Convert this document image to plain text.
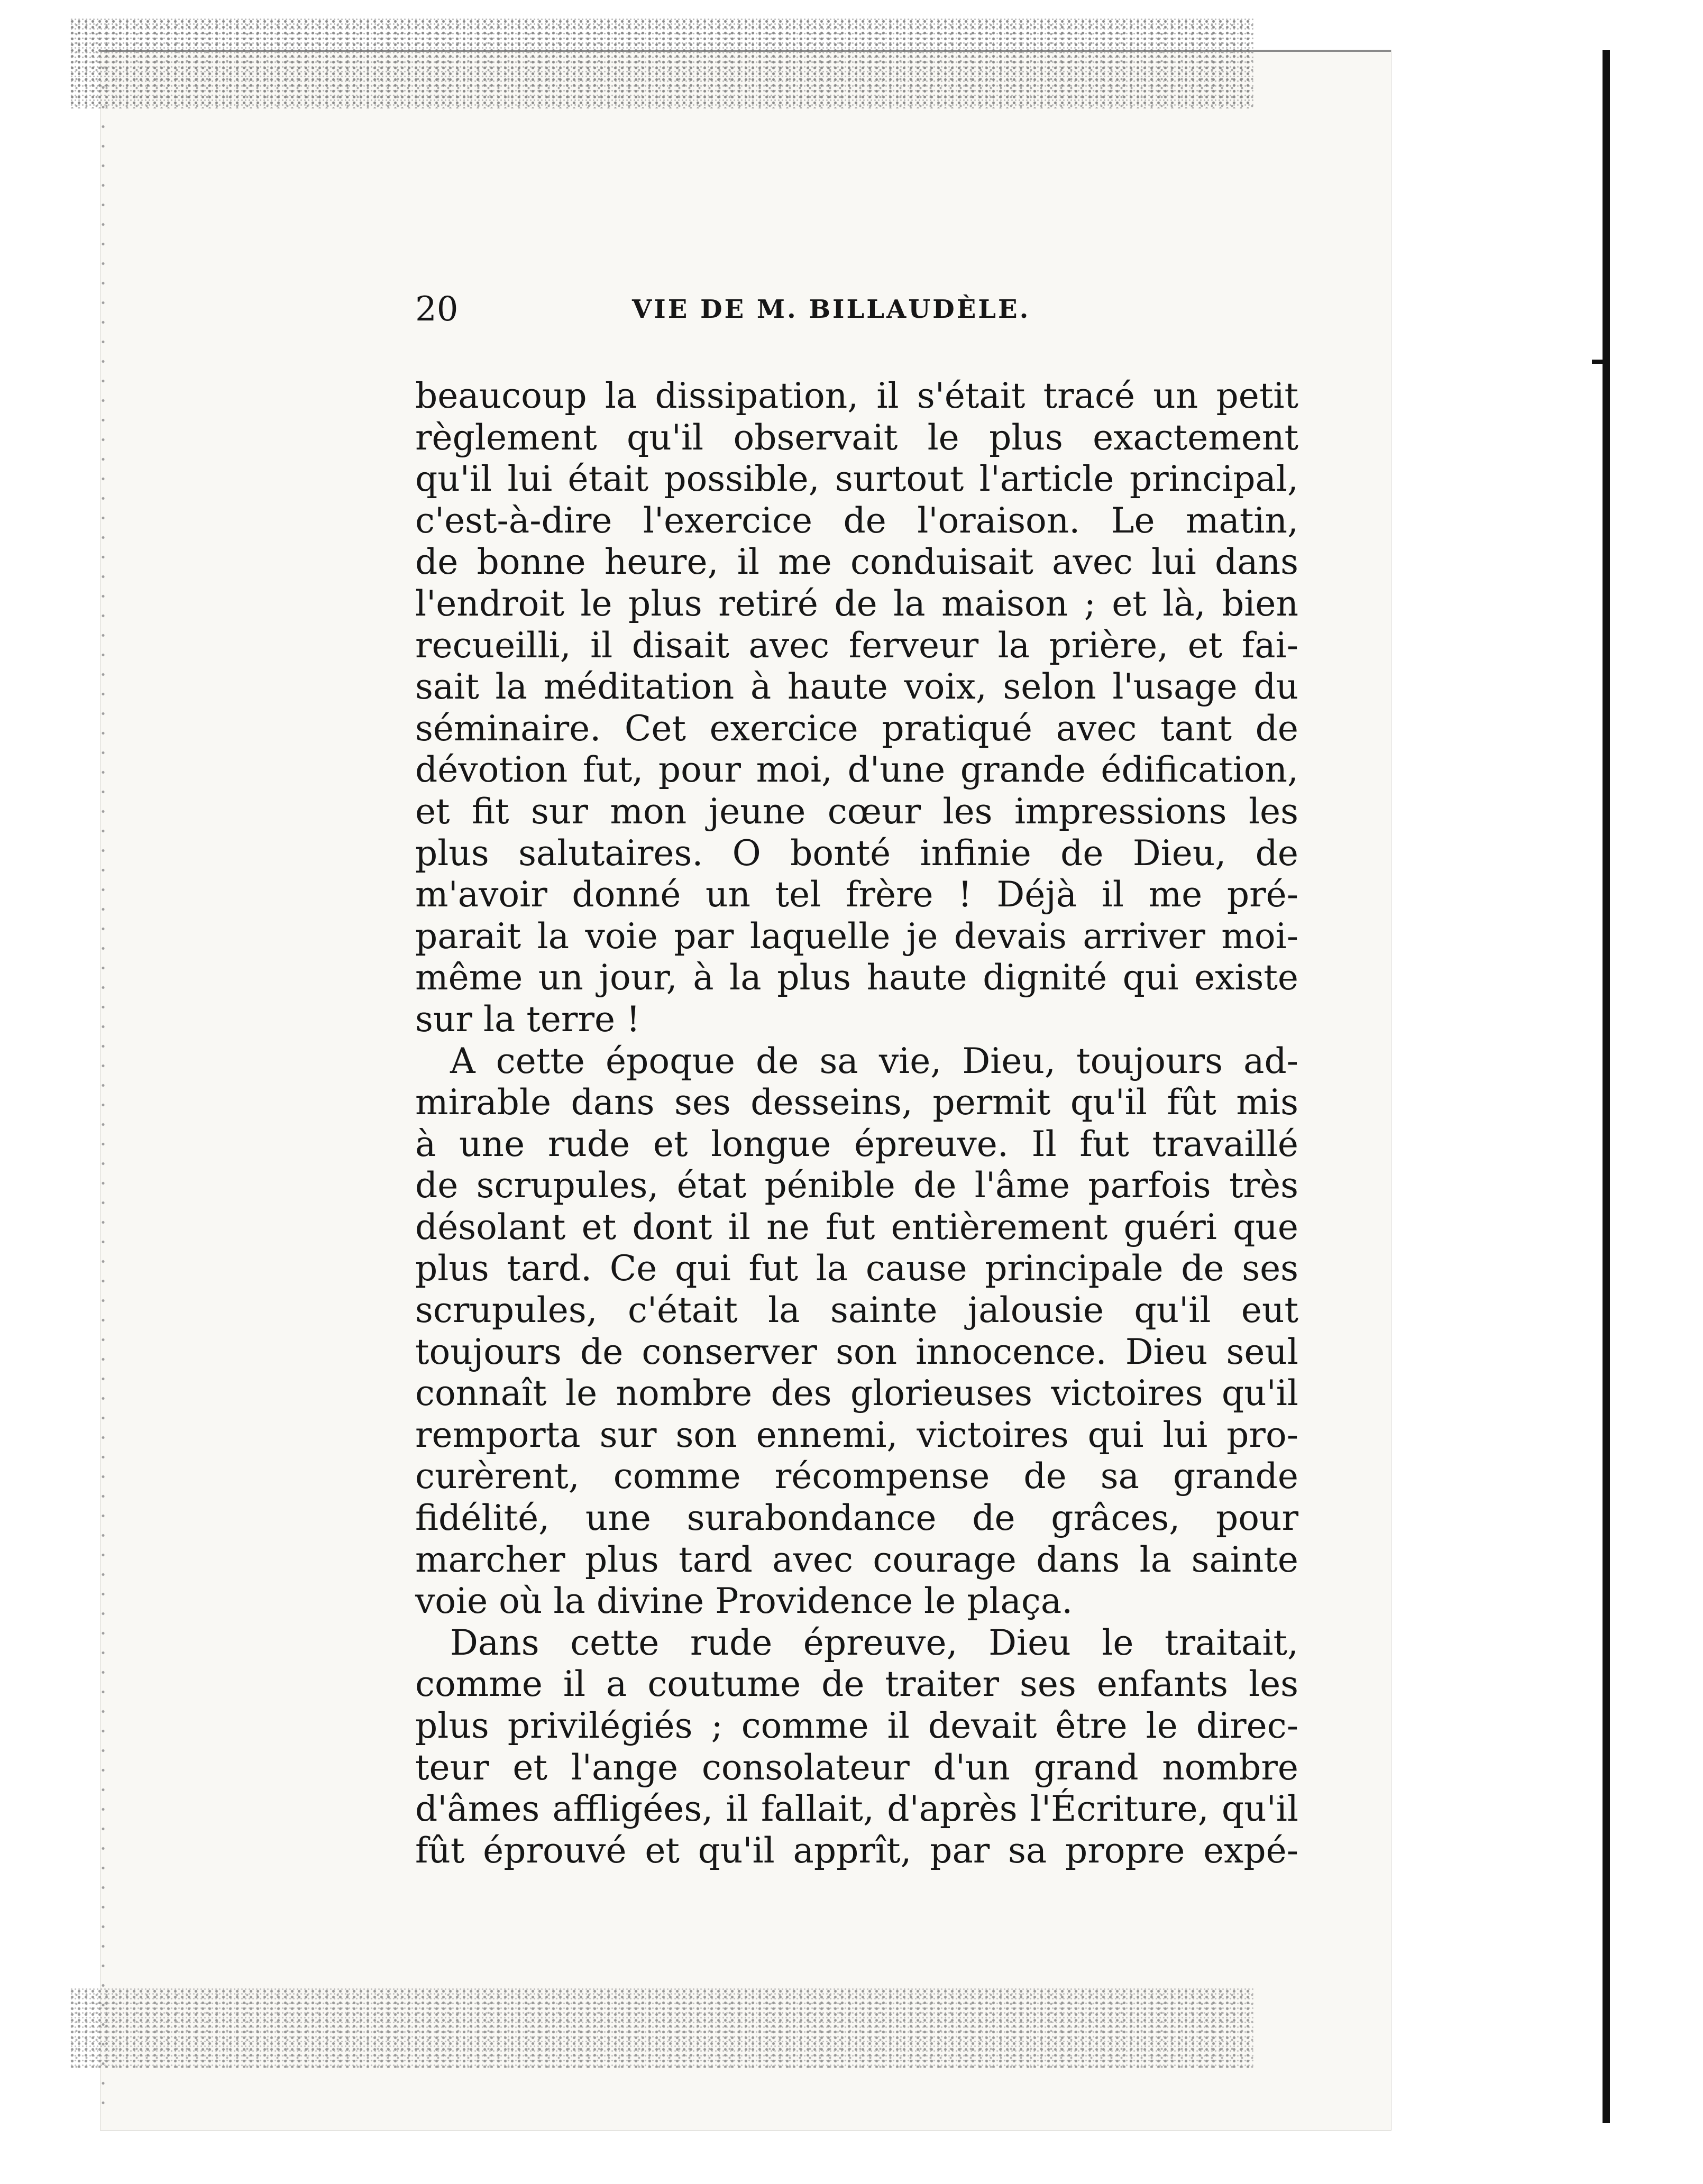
20	VIE DE M. BILLAUDÈLE.
beaucoup la dissipation, il s'était tracé un petit
règlement qu'il observait le plus exactement
qu'il lui était possible, surtout l'article principal,
c'est-à-dire l'exercice de l'oraison. Le matin,
de bonne heure, il me conduisait avec lui dans
l'endroit le plus retiré de la maison ; et là, bien
recueilli, il disait avec ferveur la prière, et fai-
sait la méditation à haute voix, selon l'usage du
séminaire. Cet exercice pratiqué avec tant de
dévotion fut, pour moi, d'une grande édification,
et fit sur mon jeune cœur les impressions les
plus salutaires. O bonté infinie de Dieu, de
m'avoir donné un tel frère ! Déjà il me pré-
parait la voie par laquelle je devais arriver moi-
même un jour, à la plus haute dignité qui existe
sur la terre !
A cette époque de sa vie, Dieu, toujours ad-
mirable dans ses desseins, permit qu'il fût mis
à une rude et longue épreuve. Il fut travaillé
de scrupules, état pénible de l'âme parfois très
désolant et dont il ne fut entièrement guéri que
plus tard. Ce qui fut la cause principale de ses
scrupules, c'était la sainte jalousie qu'il eut
toujours de conserver son innocence. Dieu seul
connaît le nombre des glorieuses victoires qu'il
remporta sur son ennemi, victoires qui lui pro-
curèrent, comme récompense de sa grande
fidélité, une surabondance de grâces, pour
marcher plus tard avec courage dans la sainte
voie où la divine Providence le plaça.
Dans cette rude épreuve, Dieu le traitait,
comme il a coutume de traiter ses enfants les
plus privilégiés ; comme il devait être le direc-
teur et l'ange consolateur d'un grand nombre
d'âmes affligées, il fallait, d'après l'Écriture, qu'il
fût éprouvé et qu'il apprît, par sa propre expé-
